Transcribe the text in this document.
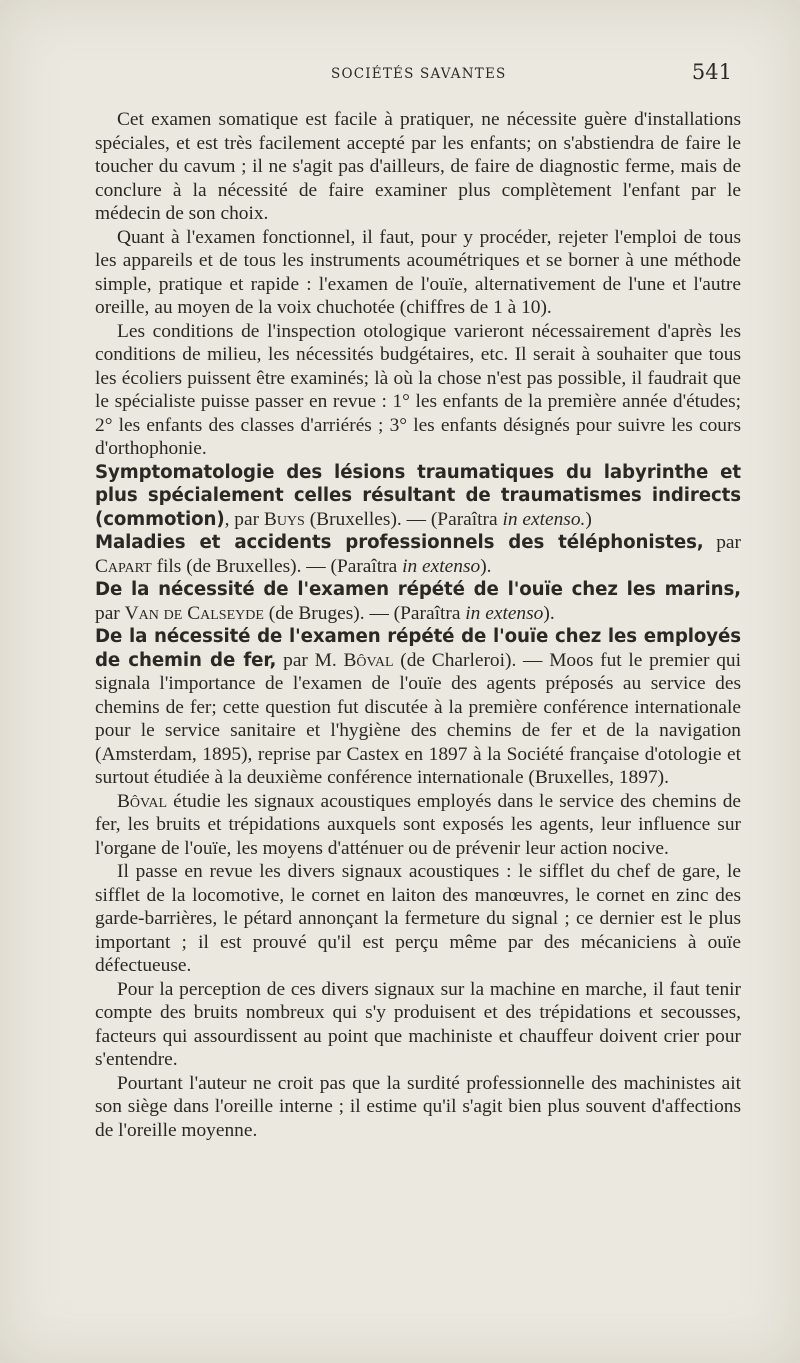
SOCIÉTÉS SAVANTES	541

Cet examen somatique est facile à pratiquer, ne nécessite guère d'installations spéciales, et est très facilement accepté par les enfants; on s'abstiendra de faire le toucher du cavum ; il ne s'agit pas d'ailleurs, de faire de diagnostic ferme, mais de conclure à la nécessité de faire examiner plus complètement l'enfant par le médecin de son choix.

Quant à l'examen fonctionnel, il faut, pour y procéder, rejeter l'emploi de tous les appareils et de tous les instruments acoumétriques et se borner à une méthode simple, pratique et rapide : l'examen de l'ouïe, alternativement de l'une et l'autre oreille, au moyen de la voix chuchotée (chiffres de 1 à 10).

Les conditions de l'inspection otologique varieront nécessairement d'après les conditions de milieu, les nécessités budgétaires, etc. Il serait à souhaiter que tous les écoliers puissent être examinés; là où la chose n'est pas possible, il faudrait que le spécialiste puisse passer en revue : 1° les enfants de la première année d'études; 2° les enfants des classes d'arriérés ; 3° les enfants désignés pour suivre les cours d'orthophonie.

Symptomatologie des lésions traumatiques du labyrinthe et plus spécialement celles résultant de traumatismes indirects (commotion), par Buys (Bruxelles). — (Paraîtra in extenso.)

Maladies et accidents professionnels des téléphonistes, par Capart fils (de Bruxelles). — (Paraîtra in extenso).

De la nécessité de l'examen répété de l'ouïe chez les marins, par Van de Calseyde (de Bruges). — (Paraîtra in extenso).

De la nécessité de l'examen répété de l'ouïe chez les employés de chemin de fer, par M. Bôval (de Charleroi). — Moos fut le premier qui signala l'importance de l'examen de l'ouïe des agents préposés au service des chemins de fer; cette question fut discutée à la première conférence internationale pour le service sanitaire et l'hygiène des chemins de fer et de la navigation (Amsterdam, 1895), reprise par Castex en 1897 à la Société française d'otologie et surtout étudiée à la deuxième conférence internationale (Bruxelles, 1897).

Bôval étudie les signaux acoustiques employés dans le service des chemins de fer, les bruits et trépidations auxquels sont exposés les agents, leur influence sur l'organe de l'ouïe, les moyens d'atténuer ou de prévenir leur action nocive.

Il passe en revue les divers signaux acoustiques : le sifflet du chef de gare, le sifflet de la locomotive, le cornet en laiton des manœuvres, le cornet en zinc des garde-barrières, le pétard annonçant la fermeture du signal ; ce dernier est le plus important ; il est prouvé qu'il est perçu même par des mécaniciens à ouïe défectueuse.

Pour la perception de ces divers signaux sur la machine en marche, il faut tenir compte des bruits nombreux qui s'y produisent et des trépidations et secousses, facteurs qui assourdissent au point que machiniste et chauffeur doivent crier pour s'entendre.

Pourtant l'auteur ne croit pas que la surdité professionnelle des machinistes ait son siège dans l'oreille interne ; il estime qu'il s'agit bien plus souvent d'affections de l'oreille moyenne.
